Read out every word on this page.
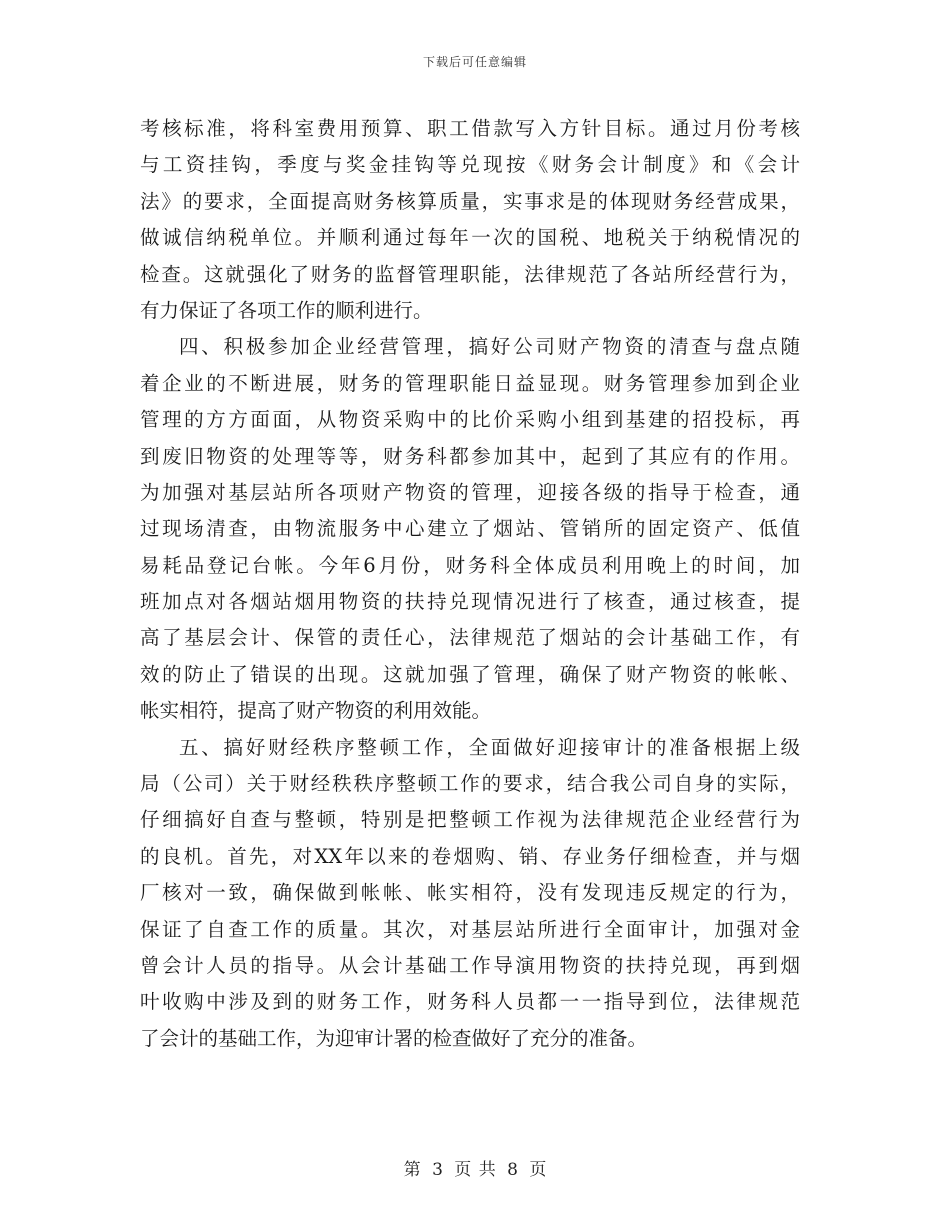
下载后可任意编辑
考核标准，将科室费用预算、职工借款写入方针目标。通过月份考核
与工资挂钩，季度与奖金挂钩等兑现按《财务会计制度》和《会计
法》的要求，全面提高财务核算质量，实事求是的体现财务经营成果，
做诚信纳税单位。并顺利通过每年一次的国税、地税关于纳税情况的
检查。这就强化了财务的监督管理职能，法律规范了各站所经营行为，
有力保证了各项工作的顺利进行。
四、积极参加企业经营管理，搞好公司财产物资的清查与盘点随
着企业的不断进展，财务的管理职能日益显现。财务管理参加到企业
管理的方方面面，从物资采购中的比价采购小组到基建的招投标，再
到废旧物资的处理等等，财务科都参加其中，起到了其应有的作用。
为加强对基层站所各项财产物资的管理，迎接各级的指导于检查，通
过现场清查，由物流服务中心建立了烟站、管销所的固定资产、低值
易耗品登记台帐。今年6月份，财务科全体成员利用晚上的时间，加
班加点对各烟站烟用物资的扶持兑现情况进行了核查，通过核查，提
高了基层会计、保管的责任心，法律规范了烟站的会计基础工作，有
效的防止了错误的出现。这就加强了管理，确保了财产物资的帐帐、
帐实相符，提高了财产物资的利用效能。
五、搞好财经秩序整顿工作，全面做好迎接审计的准备根据上级
局（公司）关于财经秩秩序整顿工作的要求，结合我公司自身的实际，
仔细搞好自查与整顿，特别是把整顿工作视为法律规范企业经营行为
的良机。首先，对XX年以来的卷烟购、销、存业务仔细检查，并与烟
厂核对一致，确保做到帐帐、帐实相符，没有发现违反规定的行为，
保证了自查工作的质量。其次，对基层站所进行全面审计，加强对金
曾会计人员的指导。从会计基础工作导演用物资的扶持兑现，再到烟
叶收购中涉及到的财务工作，财务科人员都一一指导到位，法律规范
了会计的基础工作，为迎审计署的检查做好了充分的准备。
第 3 页 共 8 页
